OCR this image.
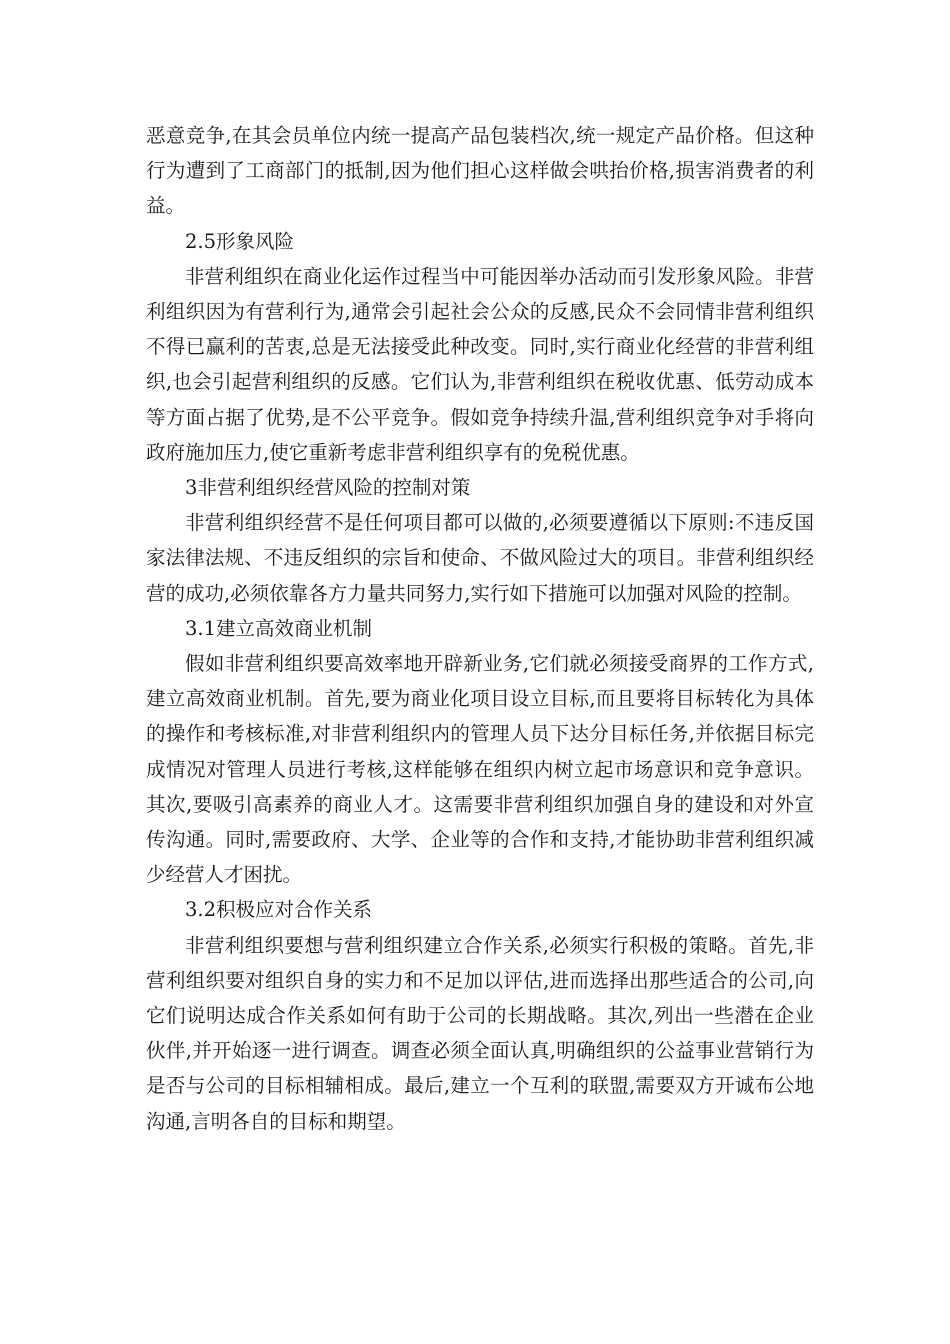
恶意竞争,在其会员单位内统一提高产品包装档次,统一规定产品价格。但这种行为遭到了工商部门的抵制,因为他们担心这样做会哄抬价格,损害消费者的利益。

2.5形象风险

非营利组织在商业化运作过程当中可能因举办活动而引发形象风险。非营利组织因为有营利行为,通常会引起社会公众的反感,民众不会同情非营利组织不得已赢利的苦衷,总是无法接受此种改变。同时,实行商业化经营的非营利组织,也会引起营利组织的反感。它们认为,非营利组织在税收优惠、低劳动成本等方面占据了优势,是不公平竞争。假如竞争持续升温,营利组织竞争对手将向政府施加压力,使它重新考虑非营利组织享有的免税优惠。

3非营利组织经营风险的控制对策

非营利组织经营不是任何项目都可以做的,必须要遵循以下原则:不违反国家法律法规、不违反组织的宗旨和使命、不做风险过大的项目。非营利组织经营的成功,必须依靠各方力量共同努力,实行如下措施可以加强对风险的控制。

3.1建立高效商业机制

假如非营利组织要高效率地开辟新业务,它们就必须接受商界的工作方式,建立高效商业机制。首先,要为商业化项目设立目标,而且要将目标转化为具体的操作和考核标准,对非营利组织内的管理人员下达分目标任务,并依据目标完成情况对管理人员进行考核,这样能够在组织内树立起市场意识和竞争意识。其次,要吸引高素养的商业人才。这需要非营利组织加强自身的建设和对外宣传沟通。同时,需要政府、大学、企业等的合作和支持,才能协助非营利组织减少经营人才困扰。

3.2积极应对合作关系

非营利组织要想与营利组织建立合作关系,必须实行积极的策略。首先,非营利组织要对组织自身的实力和不足加以评估,进而选择出那些适合的公司,向它们说明达成合作关系如何有助于公司的长期战略。其次,列出一些潜在企业伙伴,并开始逐一进行调查。调查必须全面认真,明确组织的公益事业营销行为是否与公司的目标相辅相成。最后,建立一个互利的联盟,需要双方开诚布公地沟通,言明各自的目标和期望。
